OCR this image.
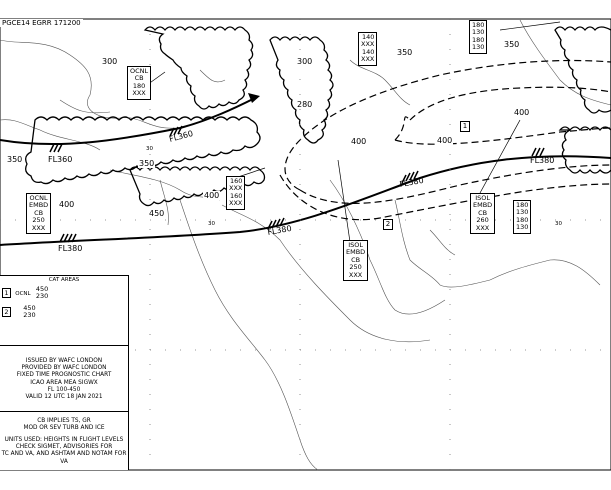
FL360
FL360
FL380
FL380
FL380
FL380
30
30	30
PGCE14 EGRR 171200
300	300
280
350
350
400
400
400
350	350
400
400
450
OCNL
CB
180
XXX
OCNL
EMBD
CB
250
XXX
ISOL
EMBD
CB
250
XXX
ISOL
EMBD
CB
260
XXX
140
XXX
140
XXX
180
130
180
130
160
XXX
160
XXX	180
130
180
130
1
2
CAT AREAS
1 OCNL
450
230
2 450
230
ISSUED BY WAFC LONDON
PROVIDED BY WAFC LONDON
FIXED TIME PROGNOSTIC CHART
ICAO AREA MEA SIGWX
FL 100-450
VALID 12 UTC 18 JAN 2021
CB IMPLIES TS, GR
MOD OR SEV TURB AND ICE
UNITS USED: HEIGHTS IN FLIGHT LEVELS
CHECK SIGMET, ADVISORIES FOR
TC AND VA, AND ASHTAM AND NOTAM FOR VA
